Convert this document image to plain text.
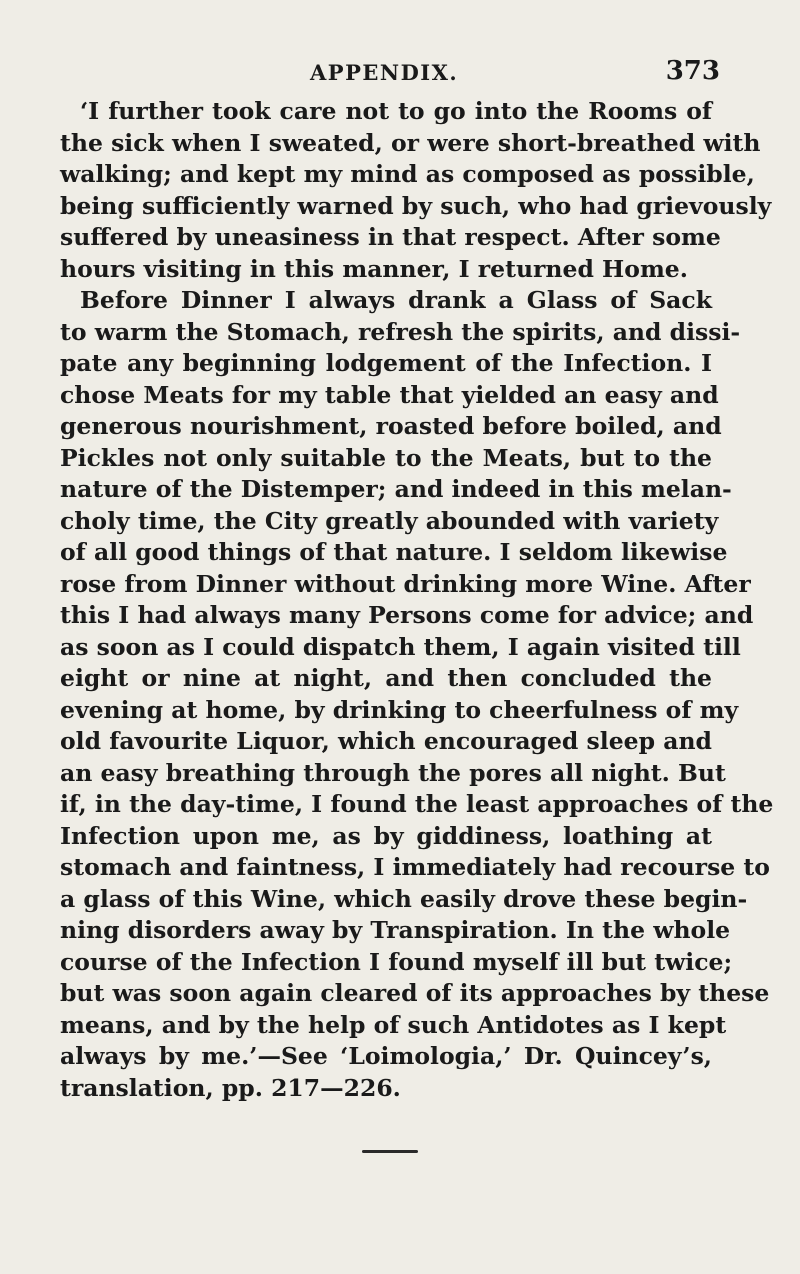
APPENDIX.	373
‘I further took care not to go into the Rooms of
the sick when I sweated, or were short-breathed with
walking; and kept my mind as composed as possible,
being sufficiently warned by such, who had grievously
suffered by uneasiness in that respect. After some
hours visiting in this manner, I returned Home.
Before Dinner I always drank a Glass of Sack
to warm the Stomach, refresh the spirits, and dissi-
pate any beginning lodgement of the Infection. I
chose Meats for my table that yielded an easy and
generous nourishment, roasted before boiled, and
Pickles not only suitable to the Meats, but to the
nature of the Distemper; and indeed in this melan-
choly time, the City greatly abounded with variety
of all good things of that nature. I seldom likewise
rose from Dinner without drinking more Wine. After
this I had always many Persons come for advice; and
as soon as I could dispatch them, I again visited till
eight or nine at night, and then concluded the
evening at home, by drinking to cheerfulness of my
old favourite Liquor, which encouraged sleep and
an easy breathing through the pores all night. But
if, in the day-time, I found the least approaches of the
Infection upon me, as by giddiness, loathing at
stomach and faintness, I immediately had recourse to
a glass of this Wine, which easily drove these begin-
ning disorders away by Transpiration. In the whole
course of the Infection I found myself ill but twice;
but was soon again cleared of its approaches by these
means, and by the help of such Antidotes as I kept
always by me.’—See ‘Loimologia,’ Dr. Quincey’s,
translation, pp. 217—226.
